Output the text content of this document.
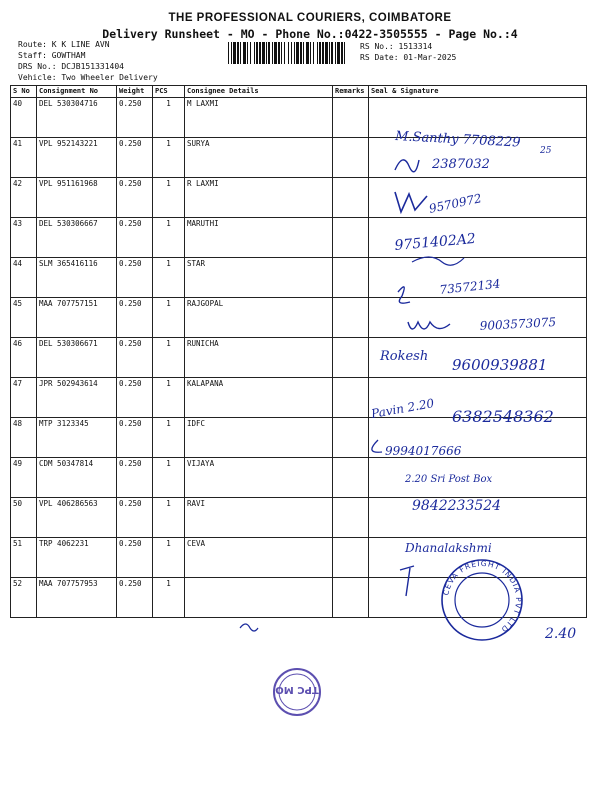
THE PROFESSIONAL COURIERS, COIMBATORE
Delivery Runsheet - MO - Phone No.:0422-3505555 - Page No.:4
Route: K K LINE AVN
Staff: GOWTHAM
DRS No.: DCJB151331404
Vehicle: Two Wheeler Delivery
RS No.: 1513314
RS Date: 01-Mar-2025
S No	Consignment No	Weight	PCS	Consignee Details	Remarks	Seal & Signature
40	DEL 530304716	0.250	1	M LAXMI		
41	VPL 952143221	0.250	1	SURYA		
42	VPL 951161968	0.250	1	R LAXMI		
43	DEL 530306667	0.250	1	MARUTHI		
44	SLM 365416116	0.250	1	STAR		
45	MAA 707757151	0.250	1	RAJGOPAL		
46	DEL 530306671	0.250	1	RUNICHA		
47	JPR 502943614	0.250	1	KALAPANA		
48	MTP 3123345	0.250	1	IDFC		
49	CDM 50347814	0.250	1	VIJAYA		
50	VPL 406286563	0.250	1	RAVI		
51	TRP 4062231	0.250	1	CEVA		
52	MAA 707757953	0.250	1			
M.Santhy 7708229
25
2387032
9570972
9751402A2
73572134
9003573075
Rokesh 9600939881
Pavin 2.20 6382548362
9994017666
2.20 Sri Post Box
9842233524
Dhanalakshmi
2.40
CEVA FREIGHT INDIA PVT LTD
TPC MO
